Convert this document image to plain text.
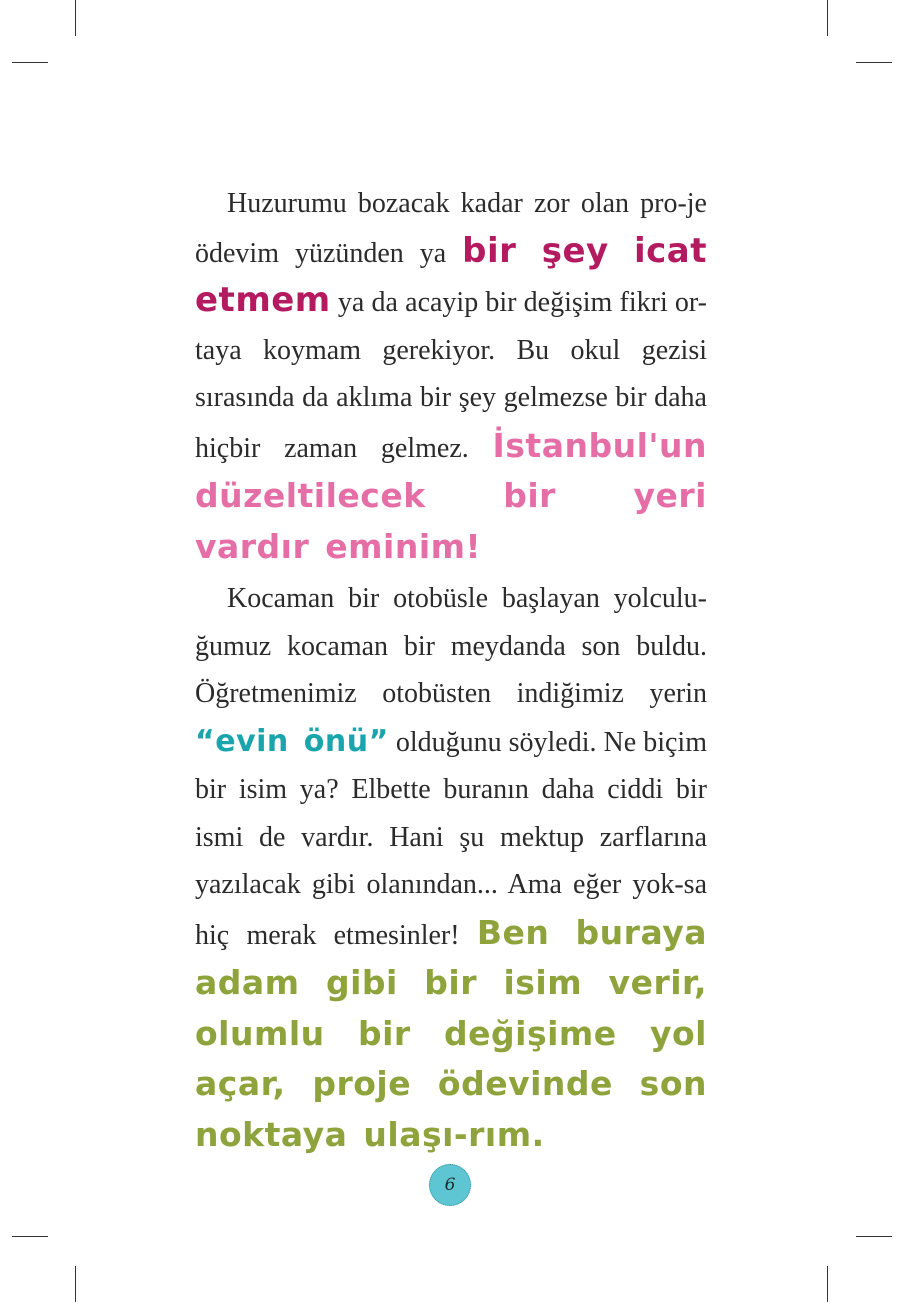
Huzurumu bozacak kadar zor olan pro-je ödevim yüzünden ya bir şey icat etmem ya da acayip bir değişim fikri or-taya koymam gerekiyor. Bu okul gezisi sırasında da aklıma bir şey gelmezse bir daha hiçbir zaman gelmez. İstanbul'un düzeltilecek bir yeri vardır eminim!

Kocaman bir otobüsle başlayan yolculu-ğumuz kocaman bir meydanda son buldu. Öğretmenimiz otobüsten indiğimiz yerin “evin önü” olduğunu söyledi. Ne biçim bir isim ya? Elbette buranın daha ciddi bir ismi de vardır. Hani şu mektup zarflarına yazılacak gibi olanından... Ama eğer yok-sa hiç merak etmesinler! Ben buraya adam gibi bir isim verir, olumlu bir değişime yol açar, proje ödevinde son noktaya ulaşı-rım.

6
